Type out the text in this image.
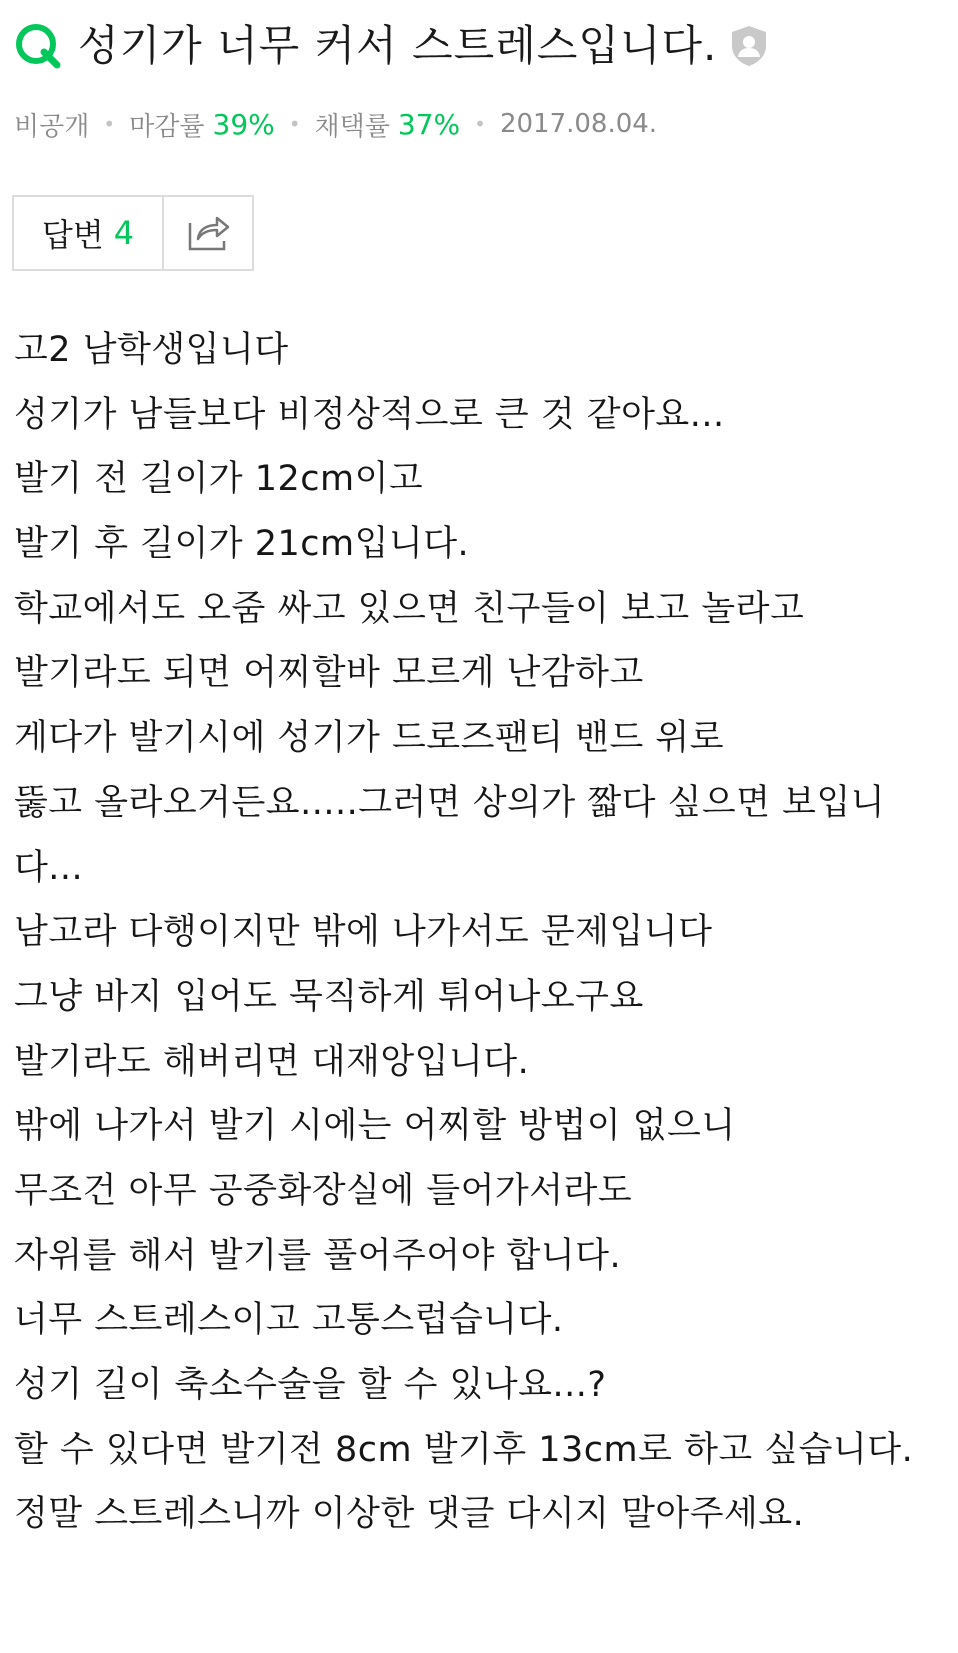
성기가 너무 커서 스트레스입니다.
비공개 • 마감률 39% • 채택률 37% • 2017.08.04.
답변 4
고2 남학생입니다
성기가 남들보다 비정상적으로 큰 것 같아요...
발기 전 길이가 12cm이고
발기 후 길이가 21cm입니다.
학교에서도 오줌 싸고 있으면 친구들이 보고 놀라고
발기라도 되면 어찌할바 모르게 난감하고
게다가 발기시에 성기가 드로즈팬티 밴드 위로
뚫고 올라오거든요.....그러면 상의가 짧다 싶으면 보입니
다...
남고라 다행이지만 밖에 나가서도 문제입니다
그냥 바지 입어도 묵직하게 튀어나오구요
발기라도 해버리면 대재앙입니다.
밖에 나가서 발기 시에는 어찌할 방법이 없으니
무조건 아무 공중화장실에 들어가서라도
자위를 해서 발기를 풀어주어야 합니다.
너무 스트레스이고 고통스럽습니다.
성기 길이 축소수술을 할 수 있나요...?
할 수 있다면 발기전 8cm 발기후 13cm로 하고 싶습니다.
정말 스트레스니까 이상한 댓글 다시지 말아주세요.
